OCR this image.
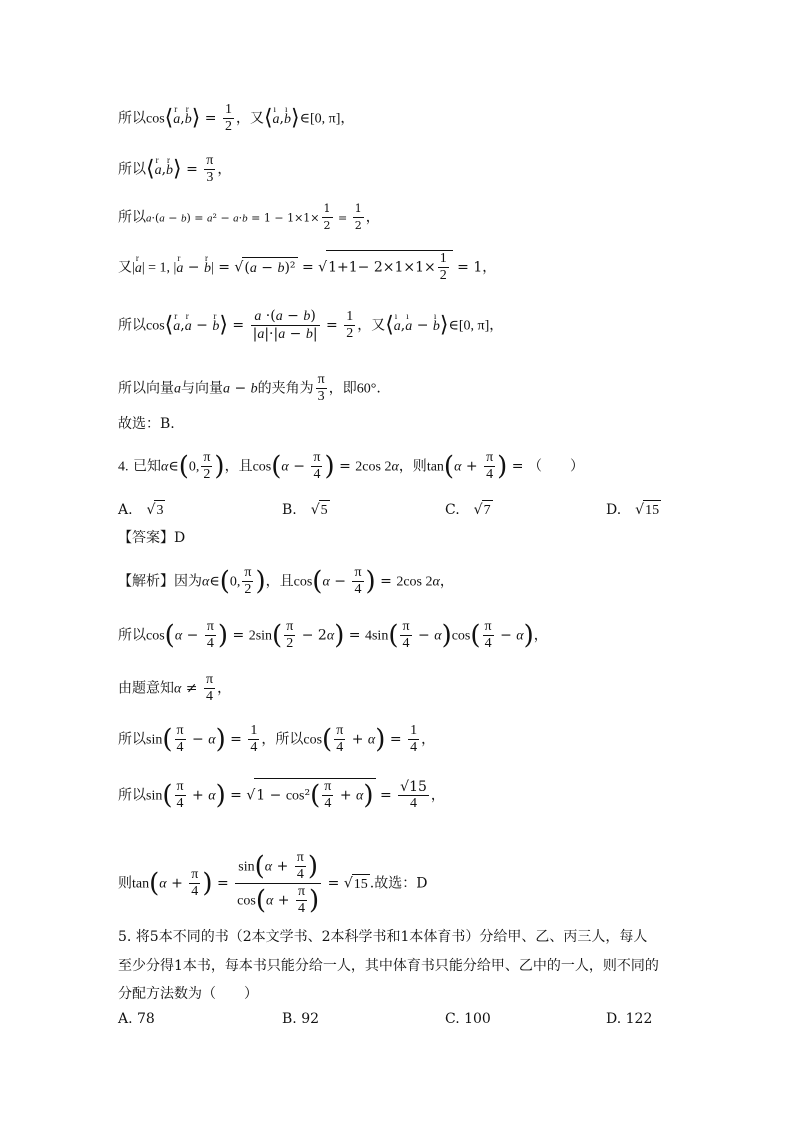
所以cos⟨r a,r b⟩ = $\frac{1}{2}$ ，又⟨ı a,ı b⟩∈[0, π]，
所以⟨r a,r b⟩ = $\frac{\pi}{3}$ ，
所以$a\cdot(a - b) = a^2 - a\cdot b = 1 - 1\times 1\times \frac{1}{2} = \frac{1}{2}$ ，
又|r a| = 1, |r a − r $b| = √(a - b)^2 = √1+1- 2\times 1\times 1\times \frac{1}{2} = 1$，
所以cos⟨r a,r a − r b⟩ = $\frac{a \cdot(a - b)}{|a|\cdot|a - b|} = \frac{1}{2}$ ，又⟨ı a,ı a − ı b⟩∈[0, π]，
所以向量a与向量a − b的夹角为 $\frac{\pi}{3}$ ，即60°.
故选：B.
4. 已知α∈(0, $\frac{\pi}{2}$ )，且$\cos(\alpha - \frac{\pi}{4}$ ) = 2cos 2α，则$\tan(\alpha + \frac{\pi}{4}$ ) = （　　）
A.　√3	B.　√5	C.　√7	D.　√15
【答案】D
【解析】因为α∈(0, $\frac{\pi}{2}$ )，且$\cos(\alpha - \frac{\pi}{4}$ ) = 2cos 2α，
所以$\cos(\alpha - \frac{\pi}{4}$ ) = $2\sin( \frac{\pi}{2} - 2\alpha) = 4\sin( \frac{\pi}{4} - \alpha)\cos( \frac{\pi}{4} - \alpha)$，
由题意知$\alpha \ne \frac{\pi}{4}$ ，
所以$\sin( \frac{\pi}{4} - \alpha) = \frac{1}{4}$ ，所以$\cos( \frac{\pi}{4} + \alpha) = \frac{1}{4}$ ，
所以$\sin( \frac{\pi}{4} + \alpha) = √1 - \cos^2( \frac{\pi}{4} + \alpha) = \frac{√15}{4}$ ，
则$\tan(\alpha + \frac{\pi}{4}$ ) = $\frac{\sin(\alpha + \frac{\pi}{4} )}{\cos(\alpha + \frac{\pi}{4} )} = √15$ .故选：D
5. 将5本不同的书（2本文学书、2本科学书和1本体育书）分给甲、乙、丙三人，每人
至少分得1本书，每本书只能分给一人，其中体育书只能分给甲、乙中的一人，则不同的
分配方法数为（　　）
A. 78	B. 92	C. 100	D. 122
